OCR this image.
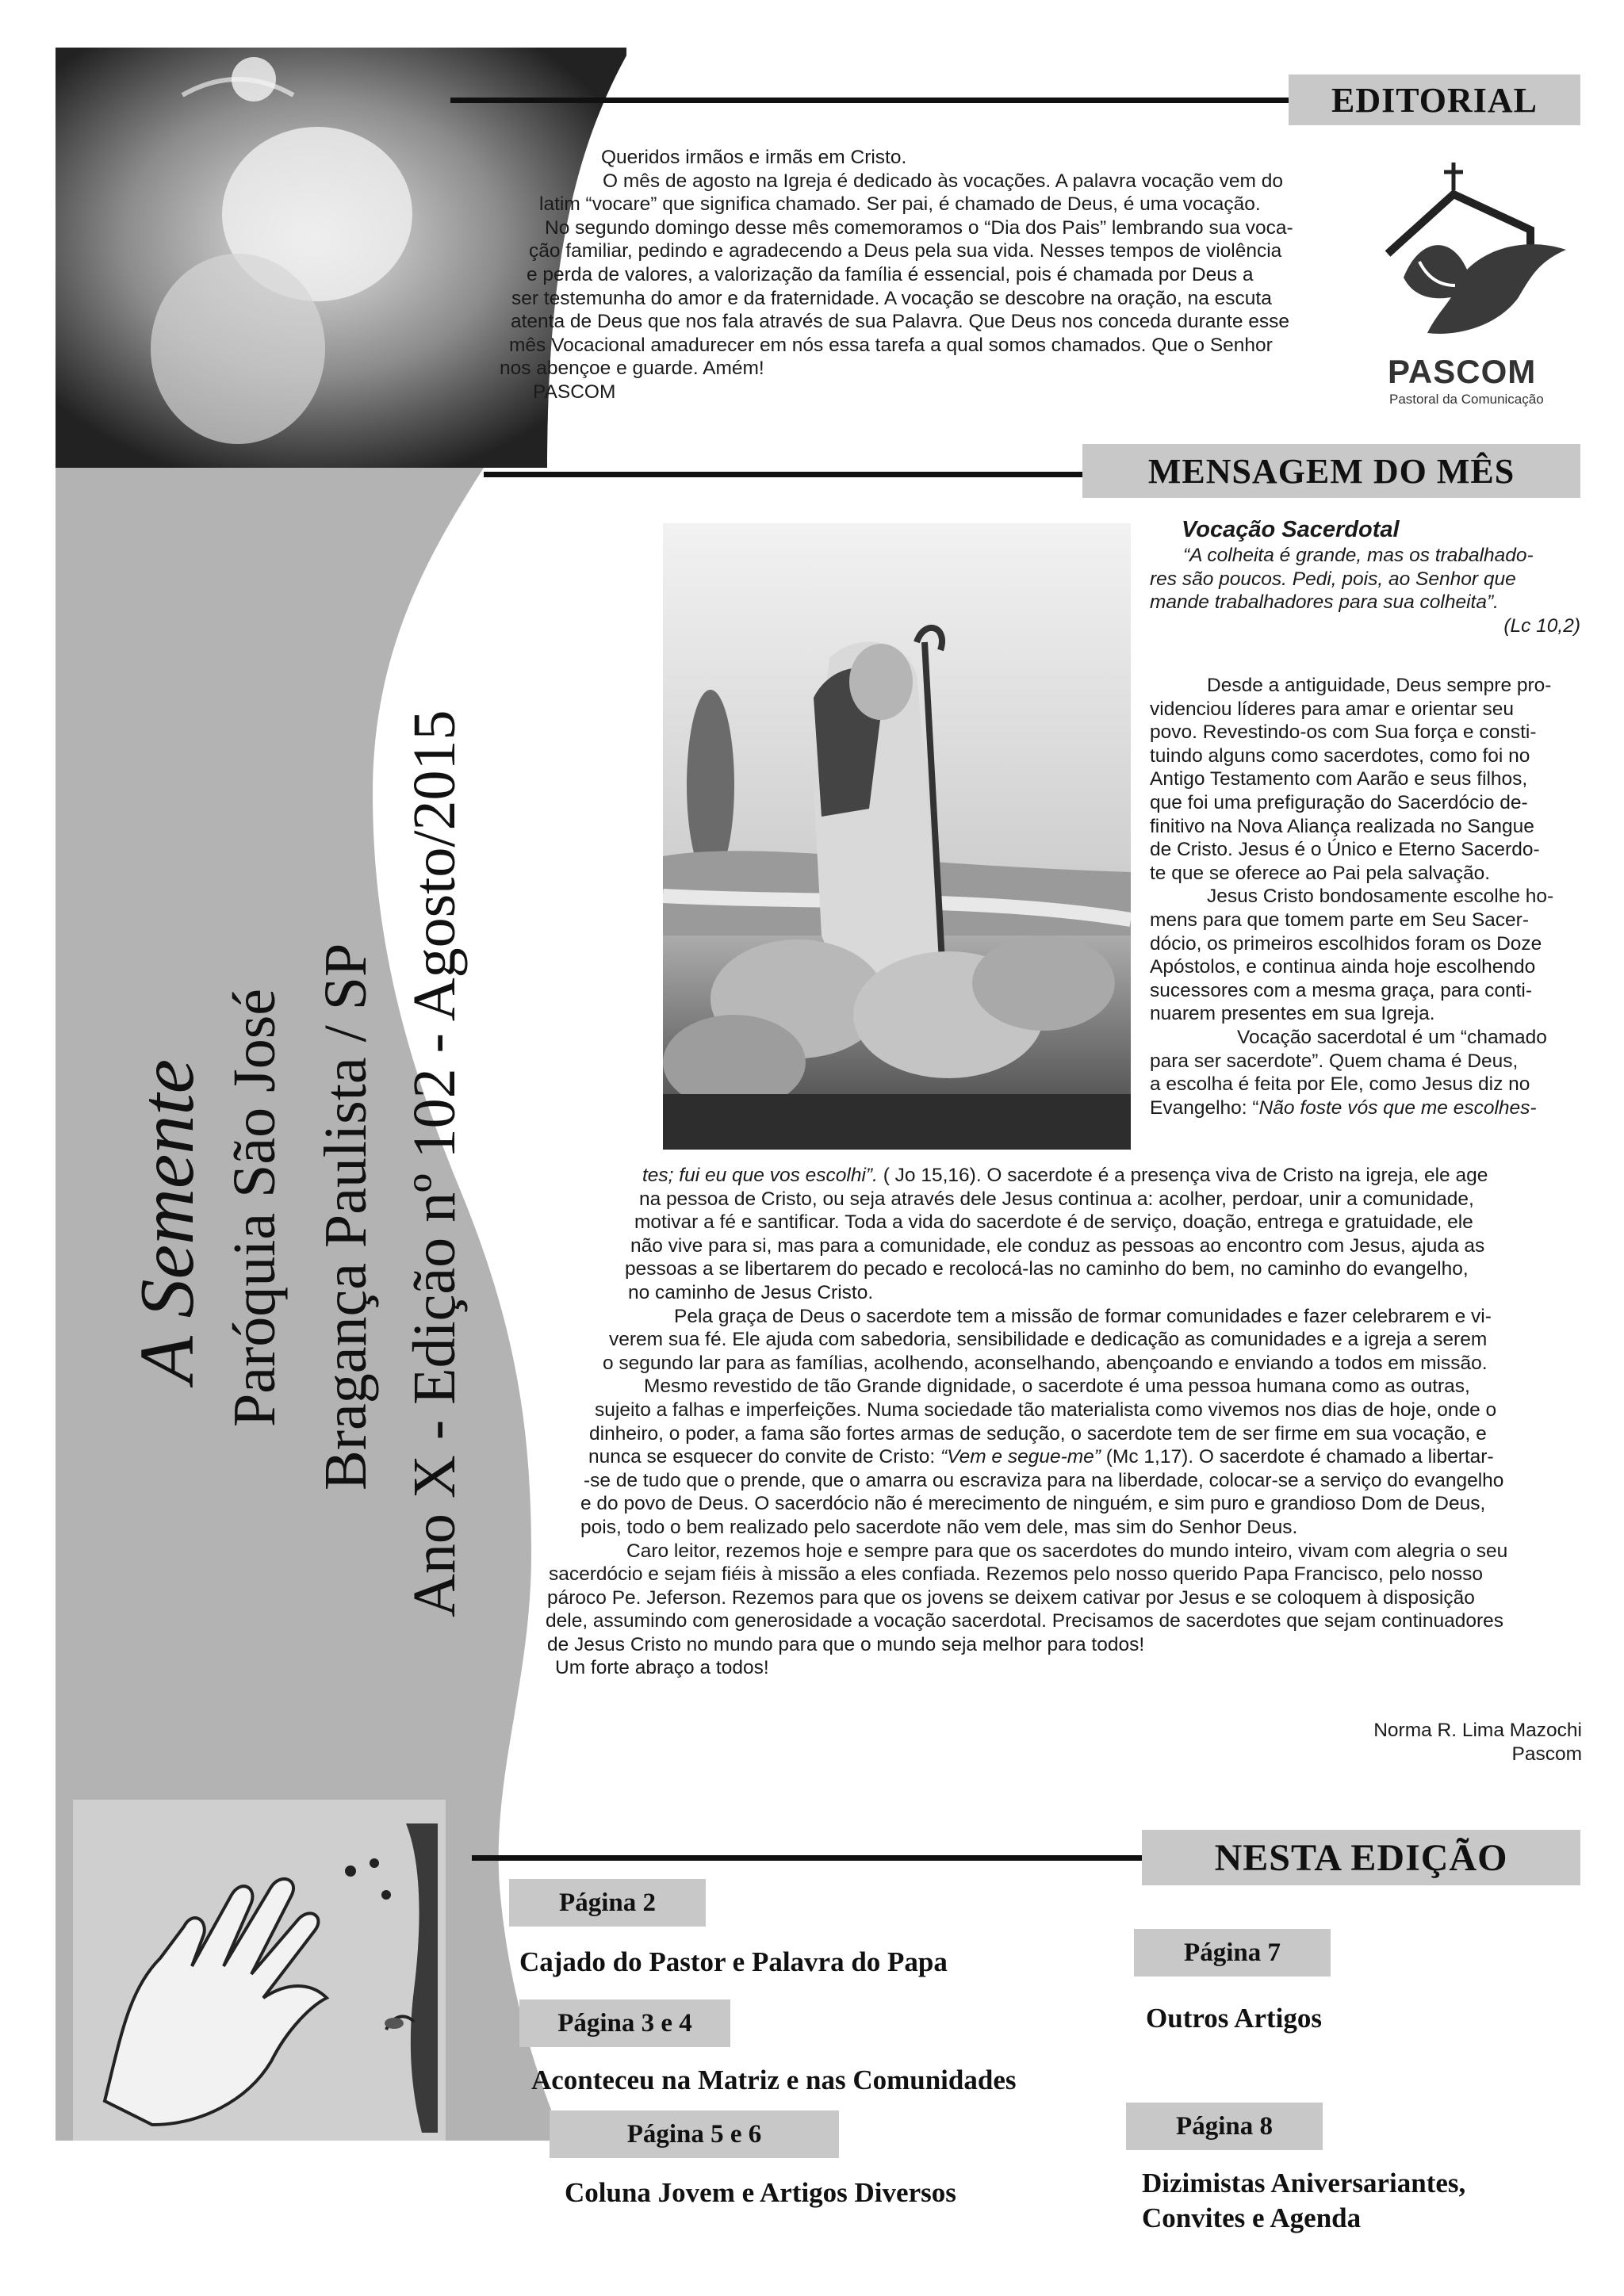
A Semente Paróquia São José Bragança Paulista / SP Ano X - Edição nº 102 - Agosto/2015
EDITORIAL

Queridos irmãos e irmãs em Cristo.

O mês de agosto na Igreja é dedicado às vocações. A palavra vocação vem do

latim “vocare” que significa chamado. Ser pai, é chamado de Deus, é uma vocação.

No segundo domingo desse mês comemoramos o “Dia dos Pais” lembrando sua voca-

ção familiar, pedindo e agradecendo a Deus pela sua vida. Nesses tempos de violência

e perda de valores, a valorização da família é essencial, pois é chamada por Deus a

ser testemunha do amor e da fraternidade. A vocação se descobre na oração, na escuta

atenta de Deus que nos fala através de sua Palavra. Que Deus nos conceda durante esse

mês Vocacional amadurecer em nós essa tarefa a qual somos chamados. Que o Senhor

nos abençoe e guarde. Amém!

PASCOM

PASCOM
Pastoral da Comunicação
MENSAGEM DO MÊS
Vocação Sacerdotal

“A colheita é grande, mas os trabalhado-

res são poucos. Pedi, pois, ao Senhor que

mande trabalhadores para sua colheita”.

(Lc 10,2)

Desde a antiguidade, Deus sempre pro-

videnciou líderes para amar e orientar seu

povo. Revestindo-os com Sua força e consti-

tuindo alguns como sacerdotes, como foi no

Antigo Testamento com Aarão e seus filhos,

que foi uma prefiguração do Sacerdócio de-

finitivo na Nova Aliança realizada no Sangue

de Cristo. Jesus é o Único e Eterno Sacerdo-

te que se oferece ao Pai pela salvação.

Jesus Cristo bondosamente escolhe ho-

mens para que tomem parte em Seu Sacer-

dócio, os primeiros escolhidos foram os Doze

Apóstolos, e continua ainda hoje escolhendo

sucessores com a mesma graça, para conti-

nuarem presentes em sua Igreja.

Vocação sacerdotal é um “chamado

para ser sacerdote”. Quem chama é Deus,

a escolha é feita por Ele, como Jesus diz no

Evangelho: “Não foste vós que me escolhes-

tes; fui eu que vos escolhi”. ( Jo 15,16). O sacerdote é a presença viva de Cristo na igreja, ele age

na pessoa de Cristo, ou seja através dele Jesus continua a: acolher, perdoar, unir a comunidade,

motivar a fé e santificar. Toda a vida do sacerdote é de serviço, doação, entrega e gratuidade, ele

não vive para si, mas para a comunidade, ele conduz as pessoas ao encontro com Jesus, ajuda as

pessoas a se libertarem do pecado e recolocá-las no caminho do bem, no caminho do evangelho,

no caminho de Jesus Cristo.

Pela graça de Deus o sacerdote tem a missão de formar comunidades e fazer celebrarem e vi-

verem sua fé. Ele ajuda com sabedoria, sensibilidade e dedicação as comunidades e a igreja a serem

o segundo lar para as famílias, acolhendo, aconselhando, abençoando e enviando a todos em missão.

Mesmo revestido de tão Grande dignidade, o sacerdote é uma pessoa humana como as outras,

sujeito a falhas e imperfeições. Numa sociedade tão materialista como vivemos nos dias de hoje, onde o

dinheiro, o poder, a fama são fortes armas de sedução, o sacerdote tem de ser firme em sua vocação, e

nunca se esquecer do convite de Cristo: “Vem e segue-me” (Mc 1,17). O sacerdote é chamado a libertar-

-se de tudo que o prende, que o amarra ou escraviza para na liberdade, colocar-se a serviço do evangelho

e do povo de Deus. O sacerdócio não é merecimento de ninguém, e sim puro e grandioso Dom de Deus,

pois, todo o bem realizado pelo sacerdote não vem dele, mas sim do Senhor Deus.

Caro leitor, rezemos hoje e sempre para que os sacerdotes do mundo inteiro, vivam com alegria o seu

sacerdócio e sejam fiéis à missão a eles confiada. Rezemos pelo nosso querido Papa Francisco, pelo nosso

pároco Pe. Jeferson. Rezemos para que os jovens se deixem cativar por Jesus e se coloquem à disposição

dele, assumindo com generosidade a vocação sacerdotal. Precisamos de sacerdotes que sejam continuadores

de Jesus Cristo no mundo para que o mundo seja melhor para todos!

Um forte abraço a todos!

Norma R. Lima Mazochi

Pascom

NESTA EDIÇÃO
Página 2
Cajado do Pastor e Palavra do Papa
Página 3 e 4
Aconteceu na Matriz e nas Comunidades
Página 5 e 6
Coluna Jovem e Artigos Diversos
Página 7
Outros Artigos
Página 8
Dizimistas Aniversariantes,
Convites e Agenda
